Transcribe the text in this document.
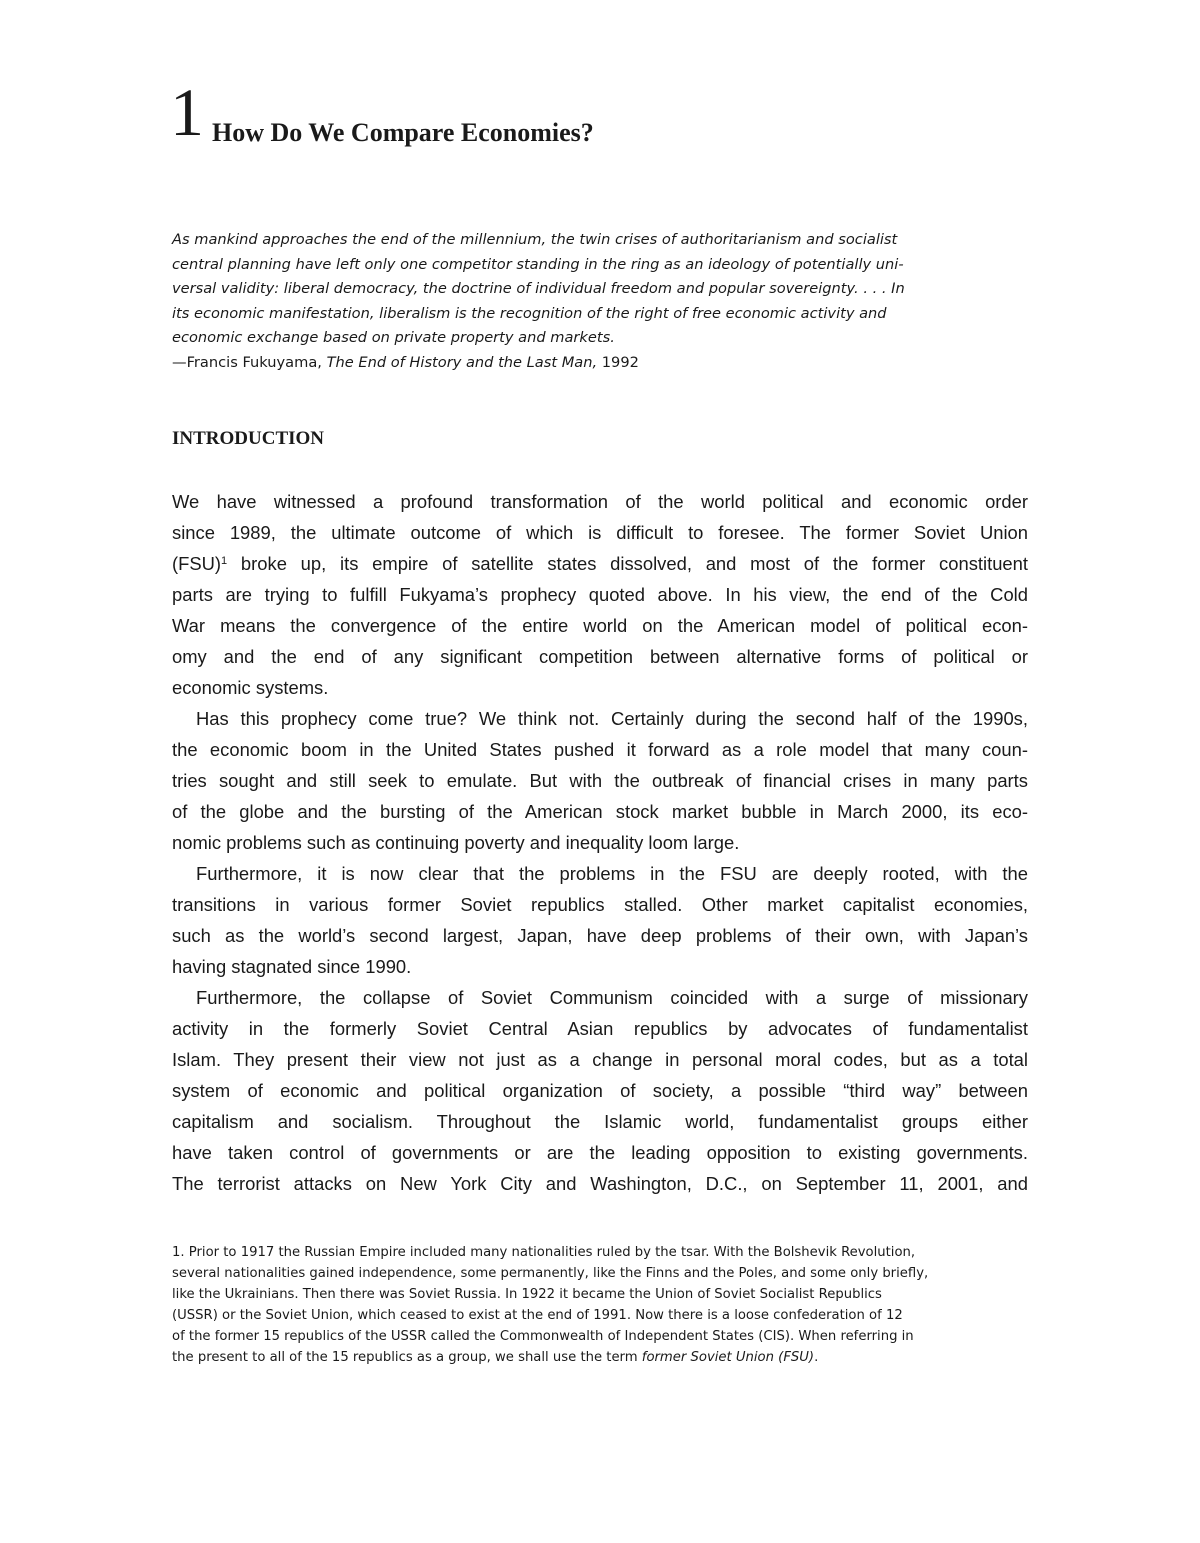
1 How Do We Compare Economies?
As mankind approaches the end of the millennium, the twin crises of authoritarianism and socialist
central planning have left only one competitor standing in the ring as an ideology of potentially uni-
versal validity: liberal democracy, the doctrine of individual freedom and popular sovereignty. . . . In
its economic manifestation, liberalism is the recognition of the right of free economic activity and
economic exchange based on private property and markets.
—Francis Fukuyama, The End of History and the Last Man, 1992
INTRODUCTION
We have witnessed a profound transformation of the world political and economic order
since 1989, the ultimate outcome of which is difficult to foresee. The former Soviet Union
(FSU)$^1$ broke up, its empire of satellite states dissolved, and most of the former constituent
parts are trying to fulfill Fukyama’s prophecy quoted above. In his view, the end of the Cold
War means the convergence of the entire world on the American model of political econ-
omy and the end of any significant competition between alternative forms of political or
economic systems.
Has this prophecy come true? We think not. Certainly during the second half of the 1990s,
the economic boom in the United States pushed it forward as a role model that many coun-
tries sought and still seek to emulate. But with the outbreak of financial crises in many parts
of the globe and the bursting of the American stock market bubble in March 2000, its eco-
nomic problems such as continuing poverty and inequality loom large.
Furthermore, it is now clear that the problems in the FSU are deeply rooted, with the
transitions in various former Soviet republics stalled. Other market capitalist economies,
such as the world’s second largest, Japan, have deep problems of their own, with Japan’s
having stagnated since 1990.
Furthermore, the collapse of Soviet Communism coincided with a surge of missionary
activity in the formerly Soviet Central Asian republics by advocates of fundamentalist
Islam. They present their view not just as a change in personal moral codes, but as a total
system of economic and political organization of society, a possible “third way” between
capitalism and socialism. Throughout the Islamic world, fundamentalist groups either
have taken control of governments or are the leading opposition to existing governments.
The terrorist attacks on New York City and Washington, D.C., on September 11, 2001, and
1. Prior to 1917 the Russian Empire included many nationalities ruled by the tsar. With the Bolshevik Revolution,
several nationalities gained independence, some permanently, like the Finns and the Poles, and some only briefly,
like the Ukrainians. Then there was Soviet Russia. In 1922 it became the Union of Soviet Socialist Republics
(USSR) or the Soviet Union, which ceased to exist at the end of 1991. Now there is a loose confederation of 12
of the former 15 republics of the USSR called the Commonwealth of Independent States (CIS). When referring in
the present to all of the 15 republics as a group, we shall use the term former Soviet Union (FSU).
